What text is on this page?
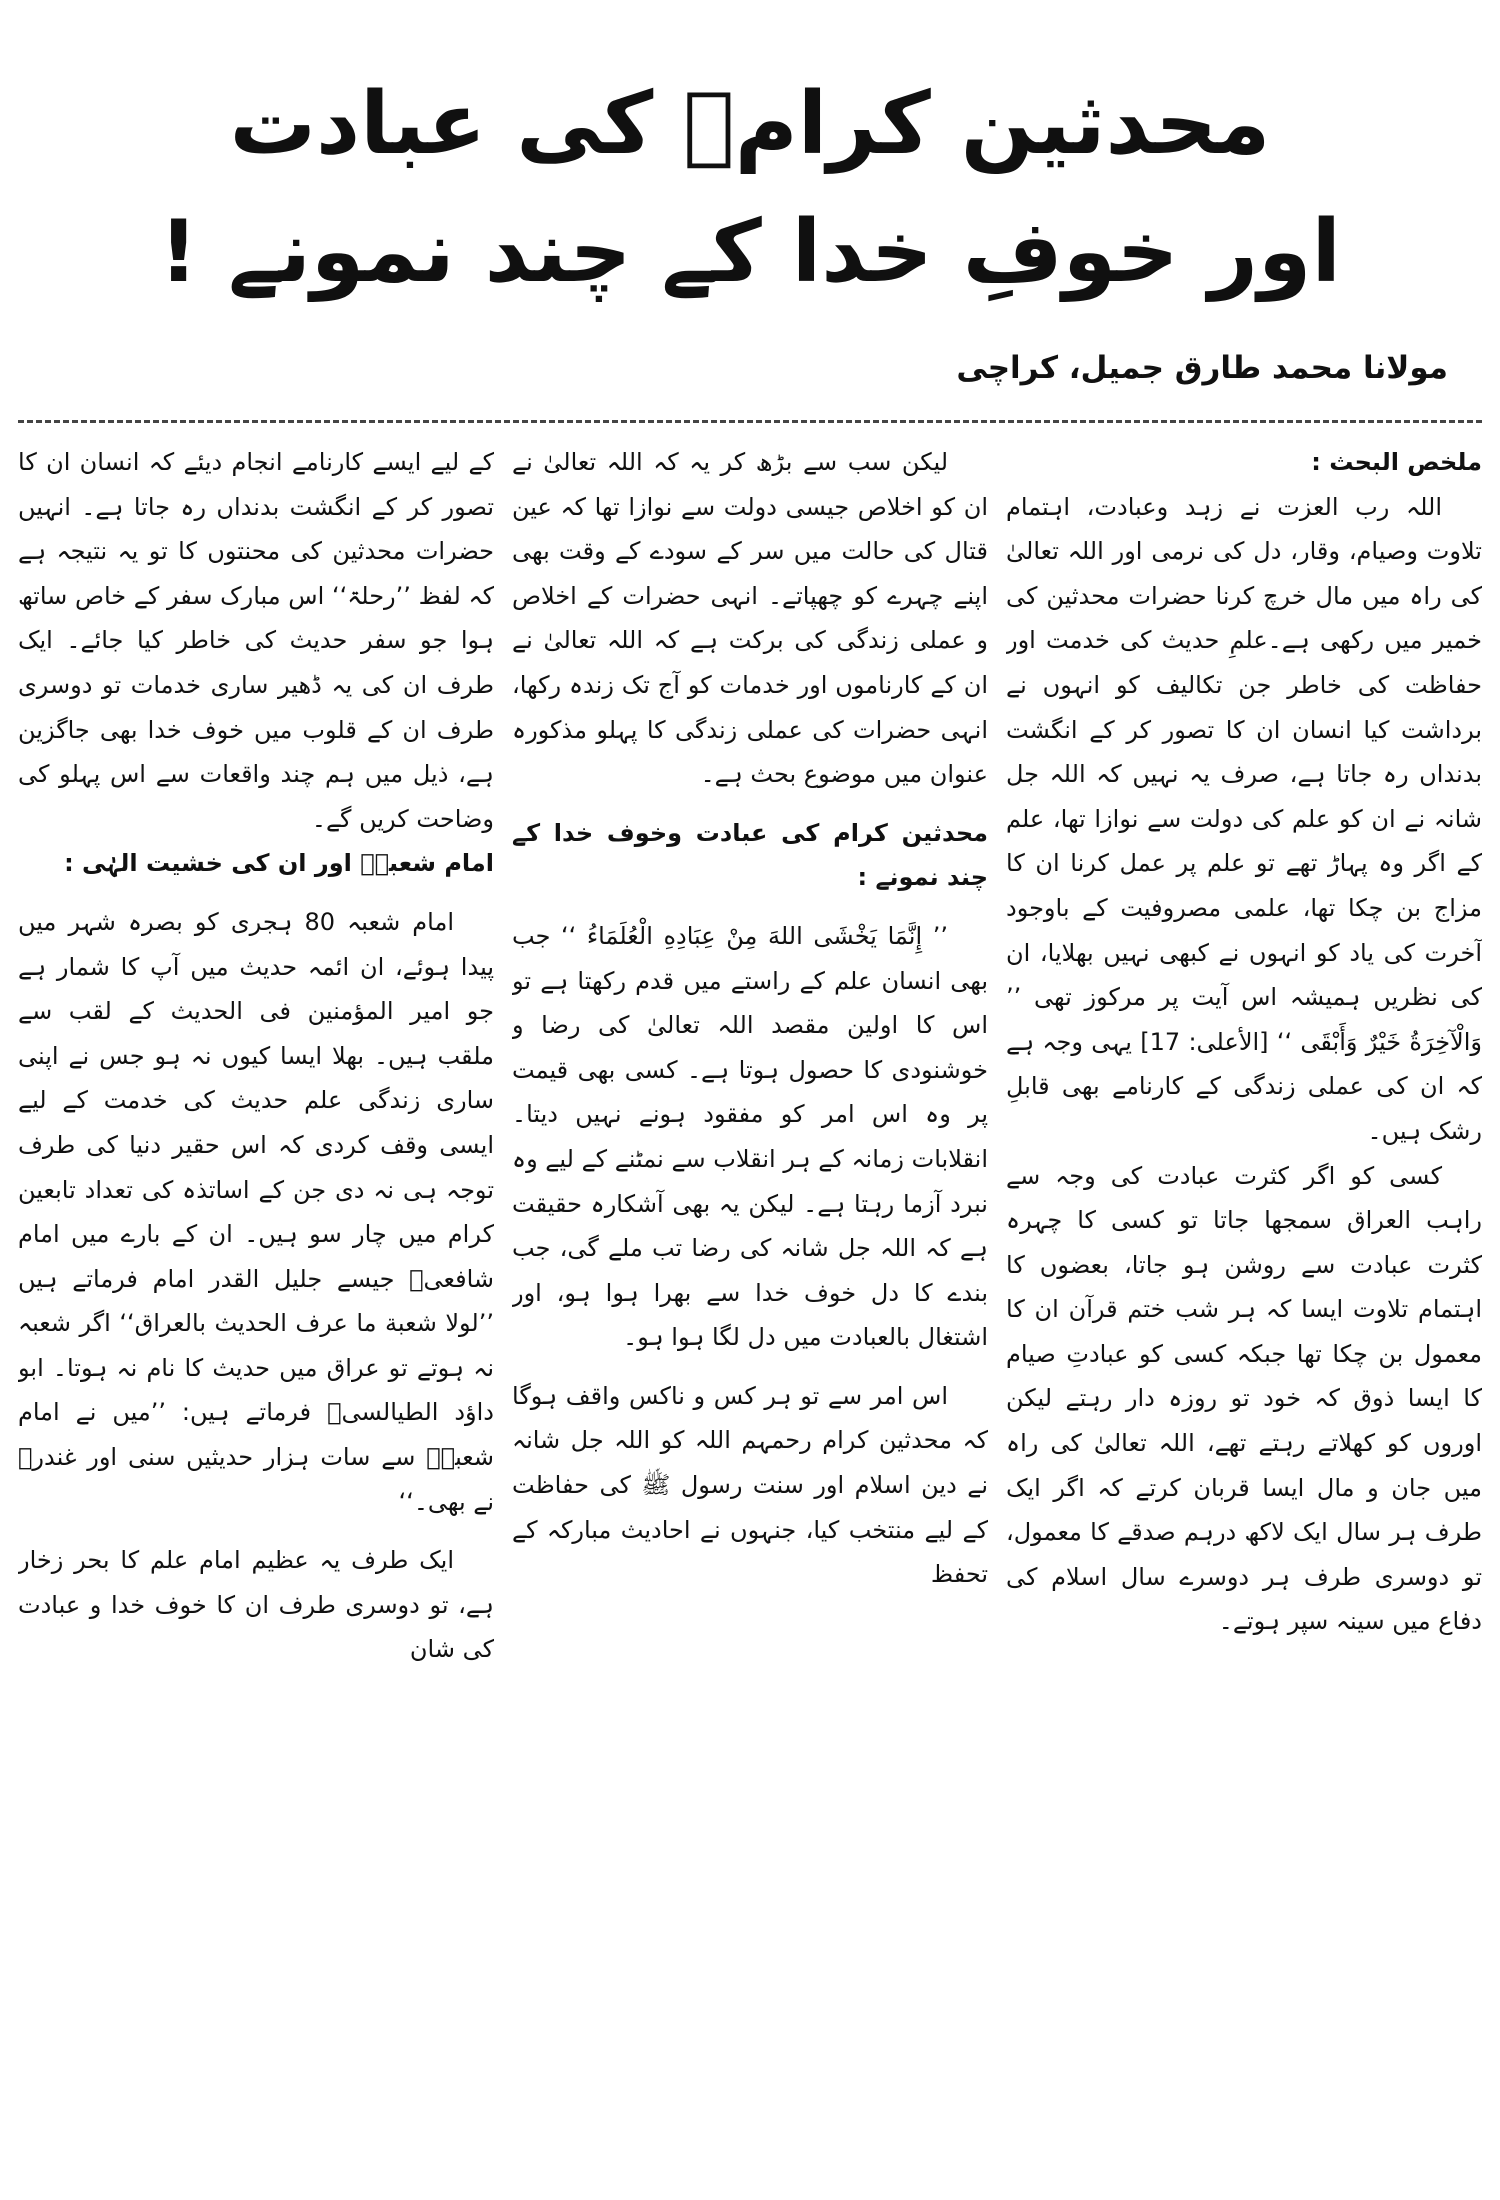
محدثین کرامؒ کی عبادت
اور خوفِ خدا کے چند نمونے !
مولانا محمد طارق جمیل، کراچی

ملخص البحث :

اللہ رب العزت نے زہد وعبادت، اہتمام تلاوت وصیام، وقار، دل کی نرمی اور اللہ تعالیٰ کی راہ میں مال خرچ کرنا حضرات محدثین کی خمیر میں رکھی ہے۔علمِ حدیث کی خدمت اور حفاظت کی خاطر جن تکالیف کو انہوں نے برداشت کیا انسان ان کا تصور کر کے انگشت بدنداں رہ جاتا ہے، صرف یہ نہیں کہ اللہ جل شانہ نے ان کو علم کی دولت سے نوازا تھا، علم کے اگر وہ پہاڑ تھے تو علم پر عمل کرنا ان کا مزاج بن چکا تھا، علمی مصروفیت کے باوجود آخرت کی یاد کو انہوں نے کبھی نہیں بھلایا، ان کی نظریں ہمیشہ اس آیت پر مرکوز تھی ’’ وَالْآخِرَةُ خَيْرٌ وَأَبْقَى ‘‘ [الأعلى: 17] یہی وجہ ہے کہ ان کی عملی زندگی کے کارنامے بھی قابلِ رشک ہیں۔

کسی کو اگر کثرت عبادت کی وجہ سے راہب العراق سمجھا جاتا تو کسی کا چہرہ کثرت عبادت سے روشن ہو جاتا، بعضوں کا اہتمام تلاوت ایسا کہ ہر شب ختم قرآن ان کا معمول بن چکا تھا جبکہ کسی کو عبادتِ صیام کا ایسا ذوق کہ خود تو روزہ دار رہتے لیکن اوروں کو کھلاتے رہتے تھے، اللہ تعالیٰ کی راہ میں جان و مال ایسا قربان کرتے کہ اگر ایک طرف ہر سال ایک لاکھ درہم صدقے کا معمول، تو دوسری طرف ہر دوسرے سال اسلام کی دفاع میں سینہ سپر ہوتے۔

لیکن سب سے بڑھ کر یہ کہ اللہ تعالیٰ نے ان کو اخلاص جیسی دولت سے نوازا تھا کہ عین قتال کی حالت میں سر کے سودے کے وقت بھی اپنے چہرے کو چھپاتے۔ انہی حضرات کے اخلاص و عملی زندگی کی برکت ہے کہ اللہ تعالیٰ نے ان کے کارناموں اور خدمات کو آج تک زندہ رکھا، انہی حضرات کی عملی زندگی کا پہلو مذکورہ عنوان میں موضوع بحث ہے۔

محدثین کرام کی عبادت وخوف خدا کے چند نمونے :

’’ إِنَّمَا يَخْشَى اللهَ مِنْ عِبَادِهِ الْعُلَمَاءُ ‘‘ جب بھی انسان علم کے راستے میں قدم رکھتا ہے تو اس کا اولین مقصد اللہ تعالیٰ کی رضا و خوشنودی کا حصول ہوتا ہے۔ کسی بھی قیمت پر وہ اس امر کو مفقود ہونے نہیں دیتا۔ انقلابات زمانہ کے ہر انقلاب سے نمٹنے کے لیے وہ نبرد آزما رہتا ہے۔ لیکن یہ بھی آشکارہ حقیقت ہے کہ اللہ جل شانہ کی رضا تب ملے گی، جب بندے کا دل خوف خدا سے بھرا ہوا ہو، اور اشتغال بالعبادت میں دل لگا ہوا ہو۔

اس امر سے تو ہر کس و ناکس واقف ہوگا کہ محدثین کرام رحمہم اللہ کو اللہ جل شانہ نے دین اسلام اور سنت رسول ﷺ کی حفاظت کے لیے منتخب کیا، جنہوں نے احادیث مبارکہ کے تحفظ

کے لیے ایسے کارنامے انجام دیئے کہ انسان ان کا تصور کر کے انگشت بدنداں رہ جاتا ہے۔ انہیں حضرات محدثین کی محنتوں کا تو یہ نتیجہ ہے کہ لفظ ’’رحلۃ‘‘ اس مبارک سفر کے خاص ساتھ ہوا جو سفر حدیث کی خاطر کیا جائے۔ ایک طرف ان کی یہ ڈھیر ساری خدمات تو دوسری طرف ان کے قلوب میں خوف خدا بھی جاگزین ہے، ذیل میں ہم چند واقعات سے اس پہلو کی وضاحت کریں گے۔

امام شعبہؒ اور ان کی خشیت الہٰی :

امام شعبہ 80 ہجری کو بصرہ شہر میں پیدا ہوئے، ان ائمہ حدیث میں آپ کا شمار ہے جو امیر المؤمنین فی الحدیث کے لقب سے ملقب ہیں۔ بھلا ایسا کیوں نہ ہو جس نے اپنی ساری زندگی علم حدیث کی خدمت کے لیے ایسی وقف کردی کہ اس حقیر دنیا کی طرف توجہ ہی نہ دی جن کے اساتذہ کی تعداد تابعین کرام میں چار سو ہیں۔ ان کے بارے میں امام شافعیؒ جیسے جلیل القدر امام فرماتے ہیں ’’لولا شعبة ما عرف الحديث بالعراق‘‘ اگر شعبہ نہ ہوتے تو عراق میں حدیث کا نام نہ ہوتا۔ ابو داؤد الطیالسیؒ فرماتے ہیں: ’’میں نے امام شعبہؒ سے سات ہزار حدیثیں سنی اور غندرؒ نے بھی۔‘‘

ایک طرف یہ عظیم امام علم کا بحر زخار ہے، تو دوسری طرف ان کا خوف خدا و عبادت کی شان
